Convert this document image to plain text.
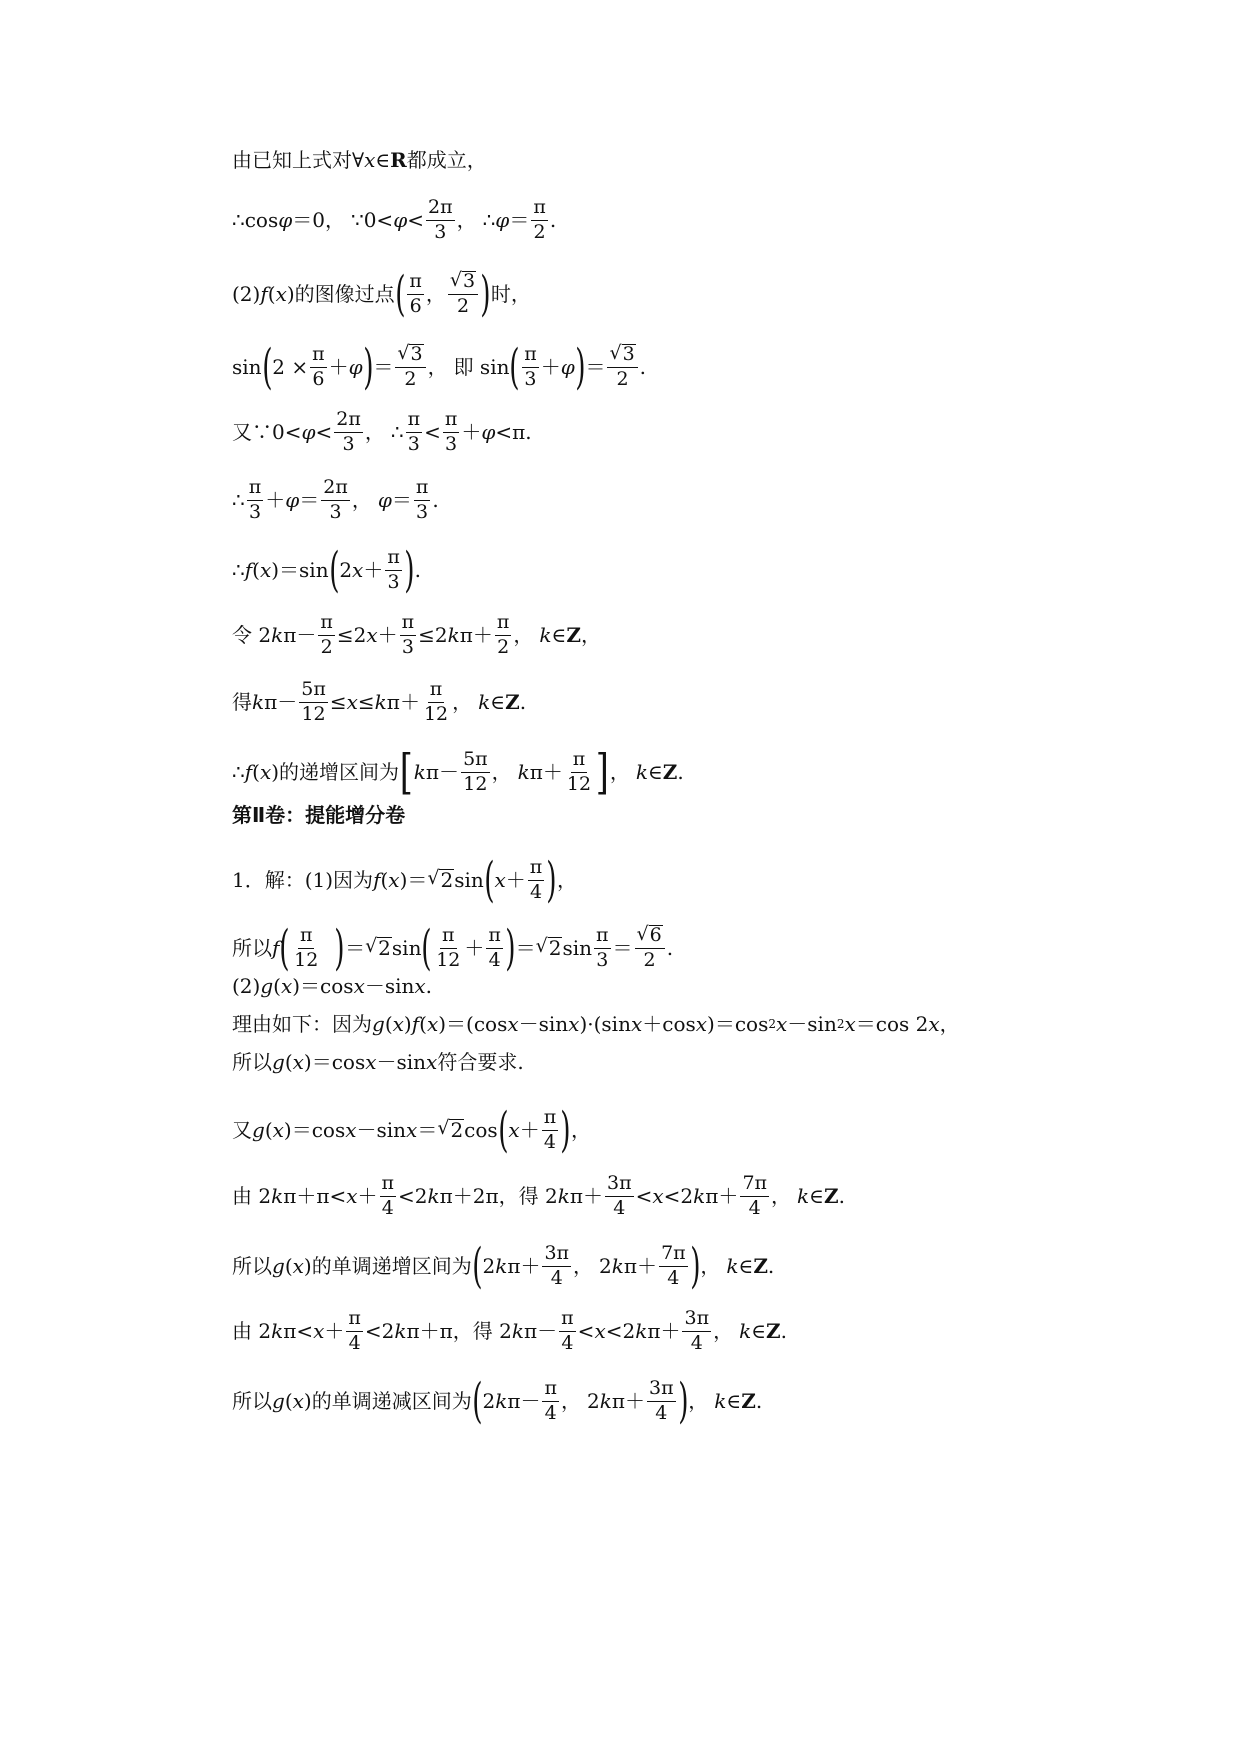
由已知上式对∀ x ∈ R 都成立，
∴cos φ ＝0， ∵0< $\varphi < \frac{2\pi}{3}$ ， ∴ $\varphi = \frac{\pi}{2}$ .
(2) f ( x )的图像过点 ( $\frac{\pi}{6}$ ， $\frac{√ 3}{2}$ ) 时，
sin ( $2 \times \frac{\pi}{6} + \varphi$ ) ＝ $\frac{√ 3}{2}$ ， 即 sin ( $\frac{\pi}{3} + \varphi$ ) ＝ $\frac{√ 3}{2}$ .
又∵0< $\varphi < \frac{2\pi}{3}$ ， ∴ $\frac{\pi}{3} < \frac{\pi}{3} + \varphi <\pi$.
∴ $\frac{\pi}{3} + \varphi = \frac{2\pi}{3}$ ， $\varphi = \frac{\pi}{3}$ .
∴ f ( x )＝sin ( 2 $x + \frac{\pi}{3}$ ) .
令 2 k $\pi- \frac{\pi}{2} \le 2$ $x + \frac{\pi}{3} \le 2$ k $\pi+ \frac{\pi}{2}$ ， k ∈ Z ，
得 k $\pi- \frac{5\pi}{12} \le x \le k$ $\pi+ \frac{\pi}{12}$ ， k ∈ Z .
∴ f ( x )的递增区间为 [ k $\pi- \frac{5\pi}{12}$ ， k $\pi+ \frac{\pi}{12}$ ] ， k ∈ Z .
第Ⅱ卷：提能增分卷
1．解：(1)因为 f ( x )＝ √ 2 sin ( $x + \frac{\pi}{4}$ ) ，
所以 f ( $\frac{\pi}{12}$ ) ＝ √ 2 sin ( $\frac{\pi}{12} + \frac{\pi}{4}$ ) ＝ √ 2 $\sin \frac{\pi}{3} = \frac{√ 6}{2}$ .
(2) g ( x )＝cos x －sin x .
理由如下：因为 g ( x ) f ( x )＝(cos x －sin x )·(sin x ＋cos x )＝cos 2 x －sin 2 x ＝cos 2 x ，
所以 g ( x )＝cos x －sin x 符合要求.
又 g ( x )＝cos x －sin x ＝ √ 2 cos ( $x + \frac{\pi}{4}$ ) ，
由 2 k $\pi+\pi< x + \frac{\pi}{4} <2$ k π＋2π，得 2 k $\pi+ \frac{3\pi}{4} < x <2$ k $\pi+ \frac{7\pi}{4}$ ， k ∈ Z .
所以 g ( x )的单调递增区间为 ( 2 k $\pi+ \frac{3\pi}{4}$ ， 2 k $\pi+ \frac{7\pi}{4}$ ) ， k ∈ Z .
由 2 k $\pi< x + \frac{\pi}{4} <2$ k π＋π，得 2 k $\pi- \frac{\pi}{4} < x <2$ k $\pi+ \frac{3\pi}{4}$ ， k ∈ Z .
所以 g ( x )的单调递减区间为 ( 2 k $\pi- \frac{\pi}{4}$ ， 2 k $\pi+ \frac{3\pi}{4}$ ) ， k ∈ Z .
